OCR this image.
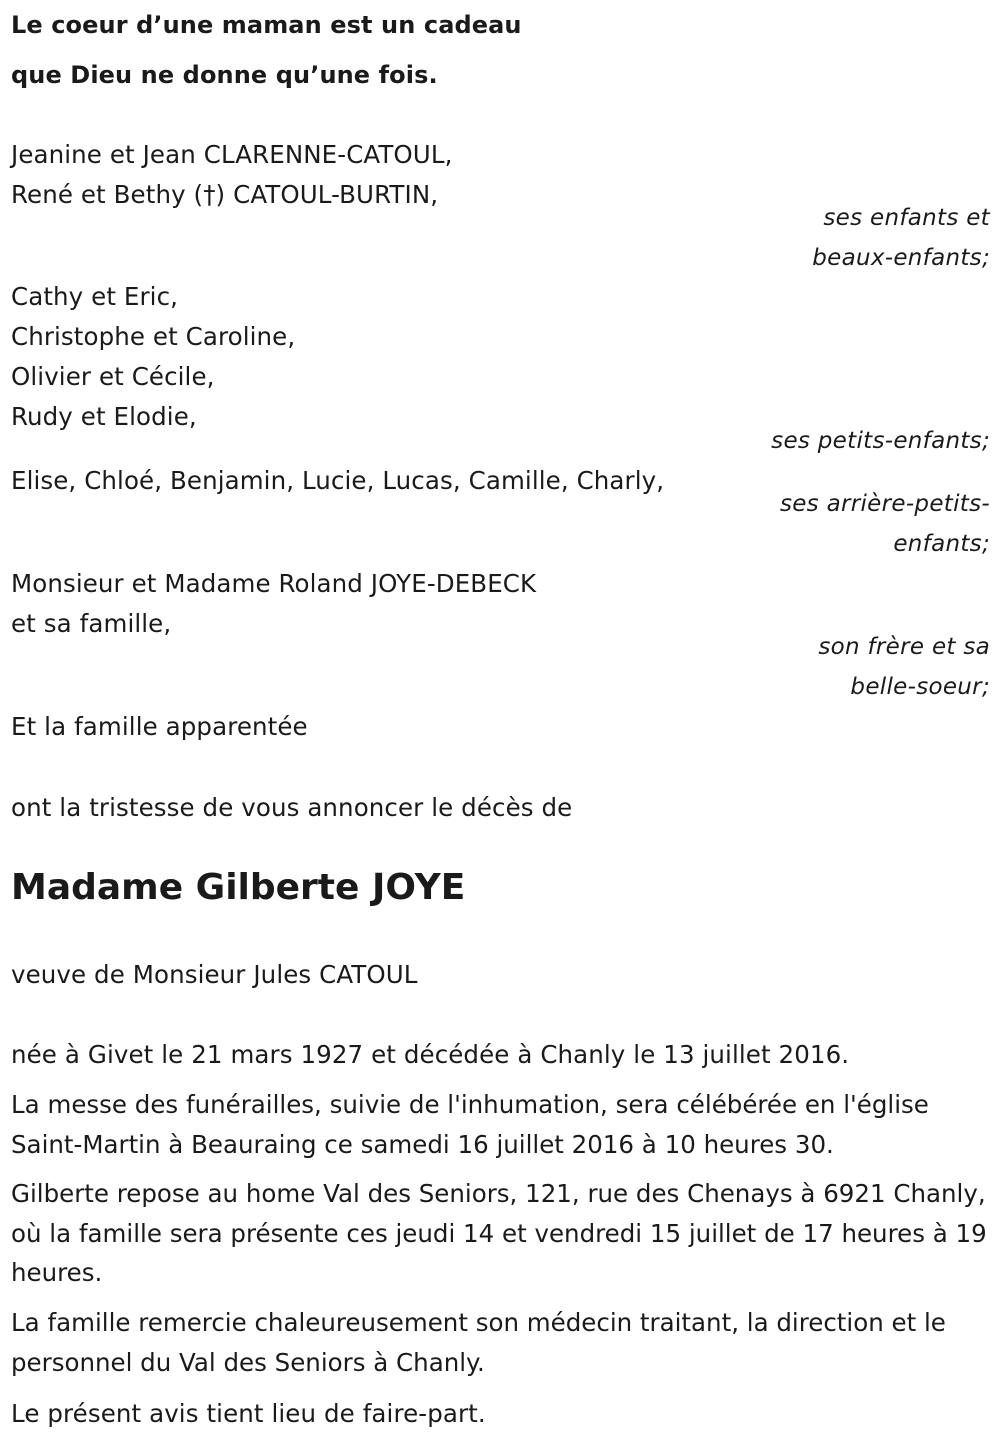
Le coeur d’une maman est un cadeau
que Dieu ne donne qu’une fois.
Jeanine et Jean CLARENNE-CATOUL,
René et Bethy (†) CATOUL-BURTIN,
ses enfants et
beaux-enfants;
Cathy et Eric,
Christophe et Caroline,
Olivier et Cécile,
Rudy et Elodie,
ses petits-enfants;
Elise, Chloé, Benjamin, Lucie, Lucas, Camille, Charly,
ses arrière-petits-
enfants;
Monsieur et Madame Roland JOYE-DEBECK
et sa famille,
son frère et sa
belle-soeur;
Et la famille apparentée
ont la tristesse de vous annoncer le décès de
Madame Gilberte JOYE
veuve de Monsieur Jules CATOUL
née à Givet le 21 mars 1927 et décédée à Chanly le 13 juillet 2016.
La messe des funérailles, suivie de l'inhumation, sera célébérée en l'église Saint-Martin à Beauraing ce samedi 16 juillet 2016 à 10 heures 30.
Gilberte repose au home Val des Seniors, 121, rue des Chenays à 6921 Chanly, où la famille sera présente ces jeudi 14 et vendredi 15 juillet de 17 heures à 19 heures.
La famille remercie chaleureusement son médecin traitant, la direction et le personnel du Val des Seniors à Chanly.
Le présent avis tient lieu de faire-part.
